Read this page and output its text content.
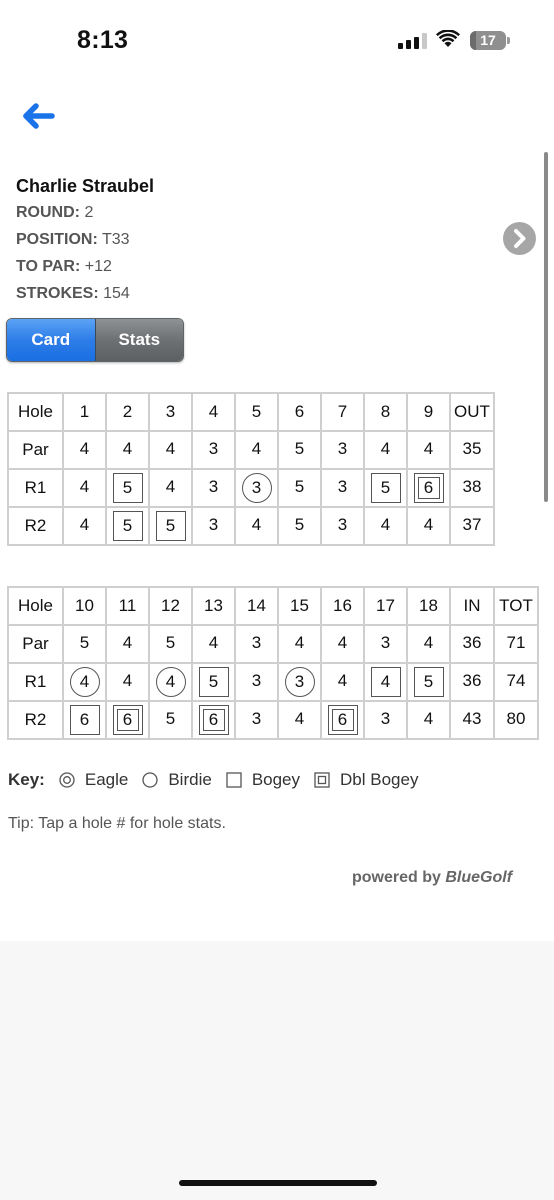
8:13	17
Charlie Straubel
ROUND: 2
POSITION: T33
TO PAR: +12
STROKES: 154
Card	Stats
Hole	1	2	3	4	5	6	7	8	9	OUT
Par	4	4	4	3	4	5	3	4	4	35
R1	4	5	4	3	3	5	3	5	6	38
R2	4	5	5	3	4	5	3	4	4	37
Hole	10	11	12	13	14	15	16	17	18	IN	TOT
Par	5	4	5	4	3	4	4	3	4	36	71
R1	4	4	4	5	3	3	4	4	5	36	74
R2	6	6	5	6	3	4	6	3	4	43	80
Key: Eagle Birdie Bogey Dbl Bogey
Tip: Tap a hole # for hole stats.
powered by BlueGolf
